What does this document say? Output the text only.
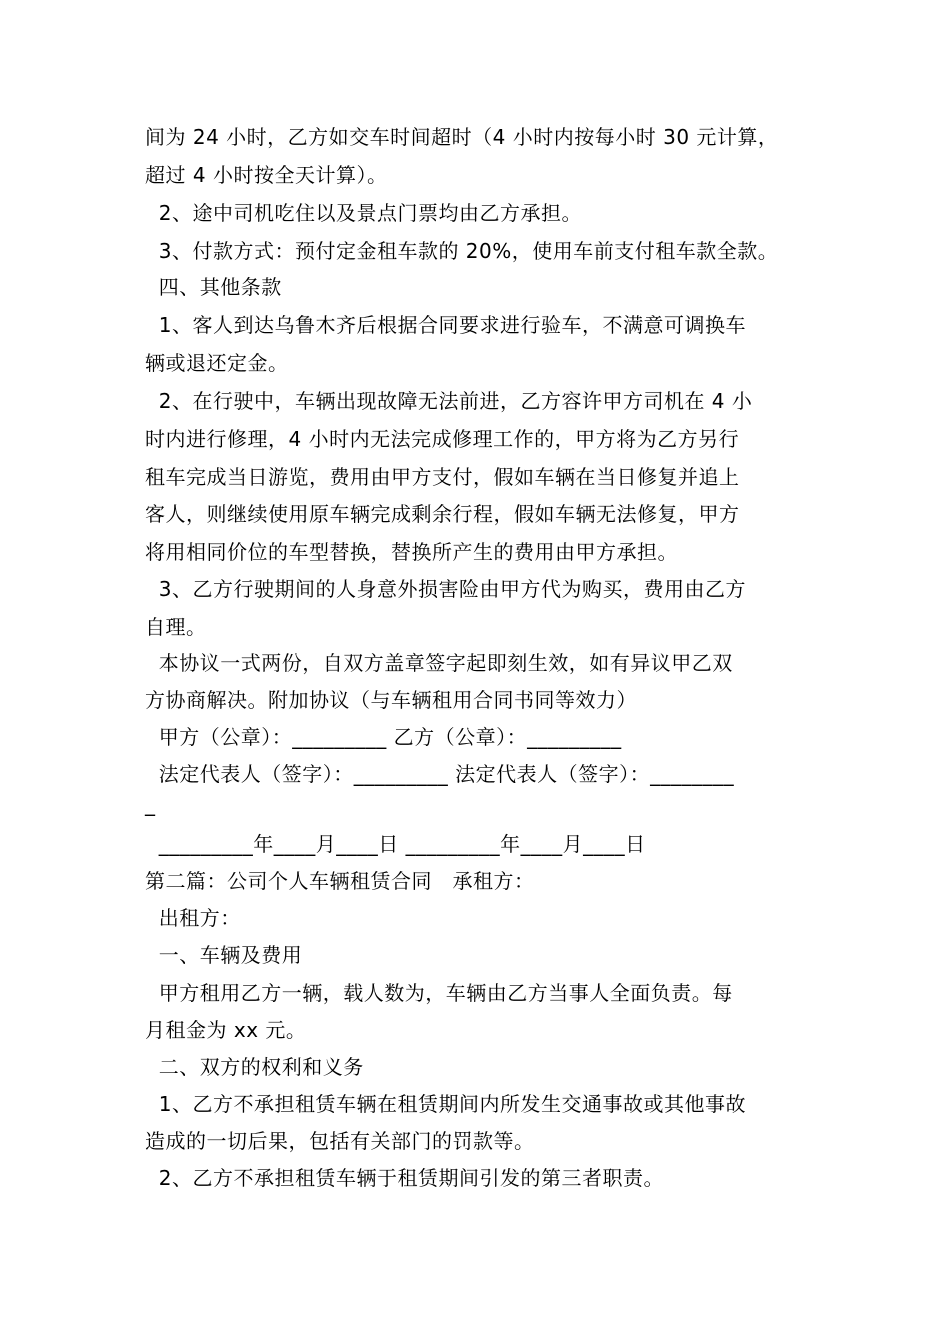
间为 24 小时，乙方如交车时间超时（4 小时内按每小时 30 元计算，
超过 4 小时按全天计算）。
2、途中司机吃住以及景点门票均由乙方承担。
3、付款方式：预付定金租车款的 20%，使用车前支付租车款全款。
四、其他条款
1、客人到达乌鲁木齐后根据合同要求进行验车，不满意可调换车
辆或退还定金。
2、在行驶中，车辆出现故障无法前进，乙方容许甲方司机在 4 小
时内进行修理，4 小时内无法完成修理工作的，甲方将为乙方另行
租车完成当日游览，费用由甲方支付，假如车辆在当日修复并追上
客人，则继续使用原车辆完成剩余行程，假如车辆无法修复，甲方
将用相同价位的车型替换，替换所产生的费用由甲方承担。
3、乙方行驶期间的人身意外损害险由甲方代为购买，费用由乙方
自理。
本协议一式两份，自双方盖章签字起即刻生效，如有异议甲乙双
方协商解决。附加协议（与车辆租用合同书同等效力）
甲方（公章）：_________ 乙方（公章）：_________
法定代表人（签字）：_________ 法定代表人（签字）：________
_
_________年____月____日 _________年____月____日
第二篇：公司个人车辆租赁合同　承租方：
出租方：
一、车辆及费用
甲方租用乙方一辆，载人数为，车辆由乙方当事人全面负责。每
月租金为 xx 元。
二、双方的权利和义务
1、乙方不承担租赁车辆在租赁期间内所发生交通事故或其他事故
造成的一切后果，包括有关部门的罚款等。
2、乙方不承担租赁车辆于租赁期间引发的第三者职责。
